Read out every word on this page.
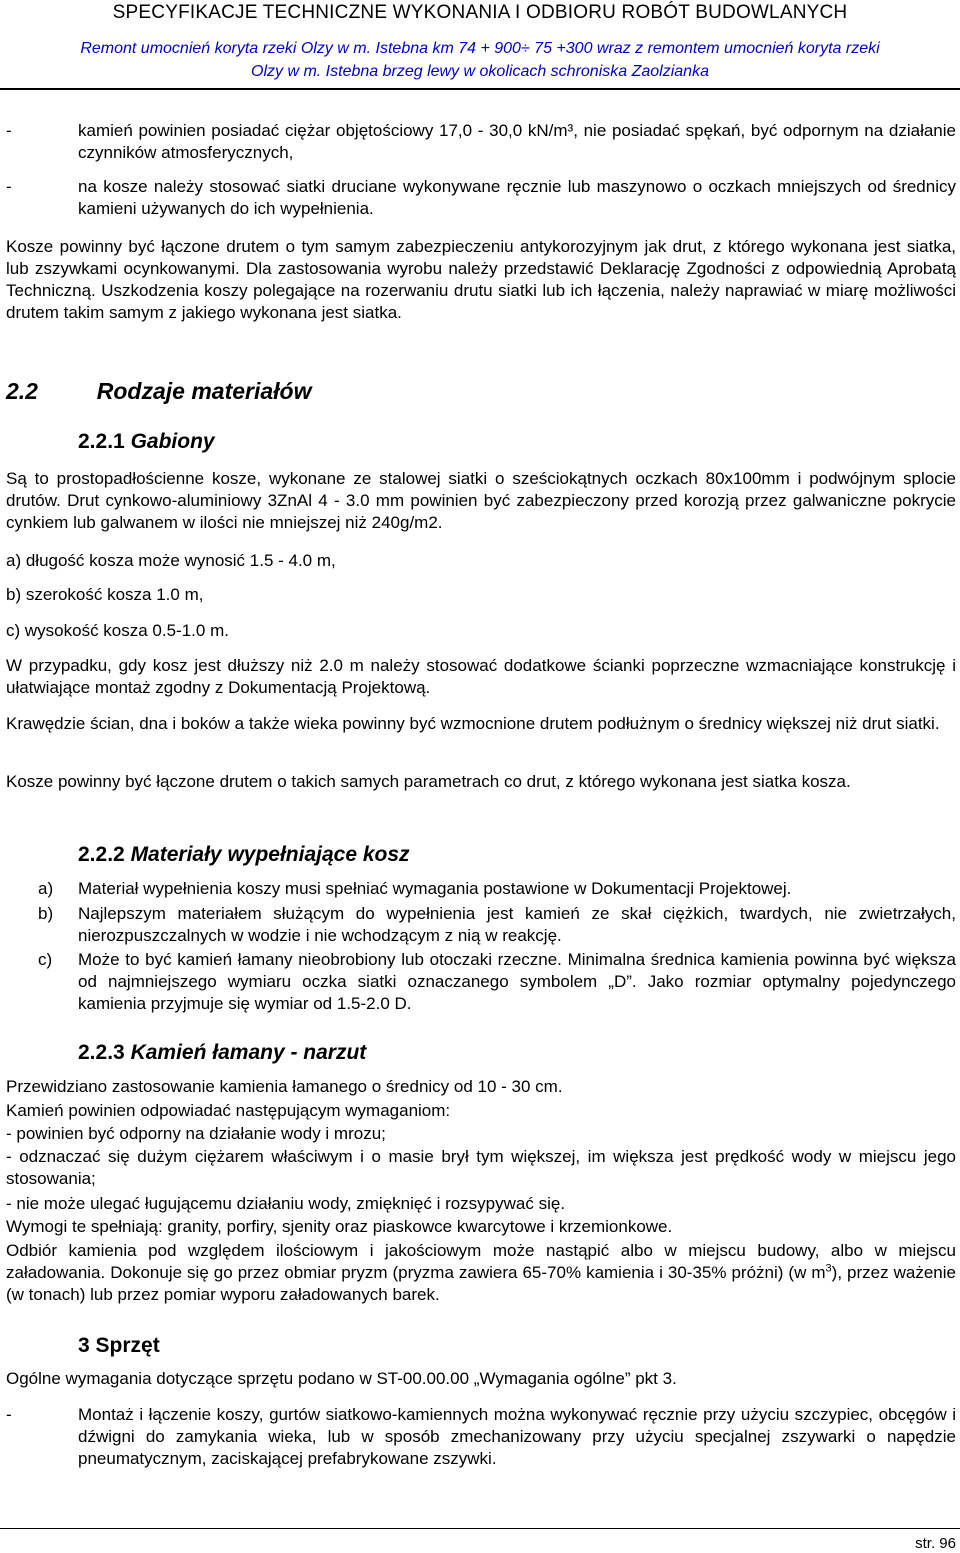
SPECYFIKACJE TECHNICZNE WYKONANIA I ODBIORU ROBÓT BUDOWLANYCH
Remont umocnień koryta rzeki Olzy w m. Istebna km 74 + 900÷ 75 +300 wraz z remontem umocnień koryta rzeki
Olzy w m. Istebna brzeg lewy w okolicach schroniska Zaolzianka
-	kamień powinien posiadać ciężar objętościowy 17,0 - 30,0 kN/m³, nie posiadać spękań, być odpornym na działanie czynników atmosferycznych,
-	na kosze należy stosować siatki druciane wykonywane ręcznie lub maszynowo o oczkach mniejszych od średnicy kamieni używanych do ich wypełnienia.
Kosze powinny być łączone drutem o tym samym zabezpieczeniu antykorozyjnym jak drut, z którego wykonana jest siatka, lub zszywkami ocynkowanymi. Dla zastosowania wyrobu należy przedstawić Deklarację Zgodności z odpowiednią Aprobatą Techniczną. Uszkodzenia koszy polegające na rozerwaniu drutu siatki lub ich łączenia, należy naprawiać w miarę możliwości drutem takim samym z jakiego wykonana jest siatka.
2.2	Rodzaje materiałów
2.2.1 Gabiony
Są to prostopadłościenne kosze, wykonane ze stalowej siatki o sześciokątnych oczkach 80x100mm i podwójnym splocie drutów. Drut cynkowo-aluminiowy 3ZnAl 4 - 3.0 mm powinien być zabezpieczony przed korozją przez galwaniczne pokrycie cynkiem lub galwanem w ilości nie mniejszej niż 240g/m2.
a) długość kosza może wynosić 1.5 - 4.0 m,
b) szerokość kosza 1.0 m,
c) wysokość kosza 0.5-1.0 m.
W przypadku, gdy kosz jest dłuższy niż 2.0 m należy stosować dodatkowe ścianki poprzeczne wzmacniające konstrukcję i ułatwiające montaż zgodny z Dokumentacją Projektową.
Krawędzie ścian, dna i boków a także wieka powinny być wzmocnione drutem podłużnym o średnicy większej niż drut siatki.
Kosze powinny być łączone drutem o takich samych parametrach co drut, z którego wykonana jest siatka kosza.
2.2.2 Materiały wypełniające kosz
a) Materiał wypełnienia koszy musi spełniać wymagania postawione w Dokumentacji Projektowej.
b) Najlepszym materiałem służącym do wypełnienia jest kamień ze skał ciężkich, twardych, nie zwietrzałych, nierozpuszczalnych w wodzie i nie wchodzącym z nią w reakcję.
c) Może to być kamień łamany nieobrobiony lub otoczaki rzeczne. Minimalna średnica kamienia powinna być większa od najmniejszego wymiaru oczka siatki oznaczanego symbolem „D”. Jako rozmiar optymalny pojedynczego kamienia przyjmuje się wymiar od 1.5-2.0 D.
2.2.3 Kamień łamany - narzut
Przewidziano zastosowanie kamienia łamanego o średnicy od 10 - 30 cm.
Kamień powinien odpowiadać następującym wymaganiom:
- powinien być odporny na działanie wody i mrozu;
- odznaczać się dużym ciężarem właściwym i o masie brył tym większej, im większa jest prędkość wody w miejscu jego stosowania;
- nie może ulegać ługującemu działaniu wody, zmięknięć i rozsypywać się.
Wymogi te spełniają: granity, porfiry, sjenity oraz piaskowce kwarcytowe i krzemionkowe.
Odbiór kamienia pod względem ilościowym i jakościowym może nastąpić albo w miejscu budowy, albo w miejscu załadowania. Dokonuje się go przez obmiar pryzm (pryzma zawiera 65-70% kamienia i 30-35% próżni) (w $m^3$), przez ważenie (w tonach) lub przez pomiar wyporu załadowanych barek.
3 Sprzęt
Ogólne wymagania dotyczące sprzętu podano w ST-00.00.00 „Wymagania ogólne” pkt 3.
-	Montaż i łączenie koszy, gurtów siatkowo-kamiennych można wykonywać ręcznie przy użyciu szczypiec, obcęgów i dźwigni do zamykania wieka, lub w sposób zmechanizowany przy użyciu specjalnej zszywarki o napędzie pneumatycznym, zaciskającej prefabrykowane zszywki.
str. 96
